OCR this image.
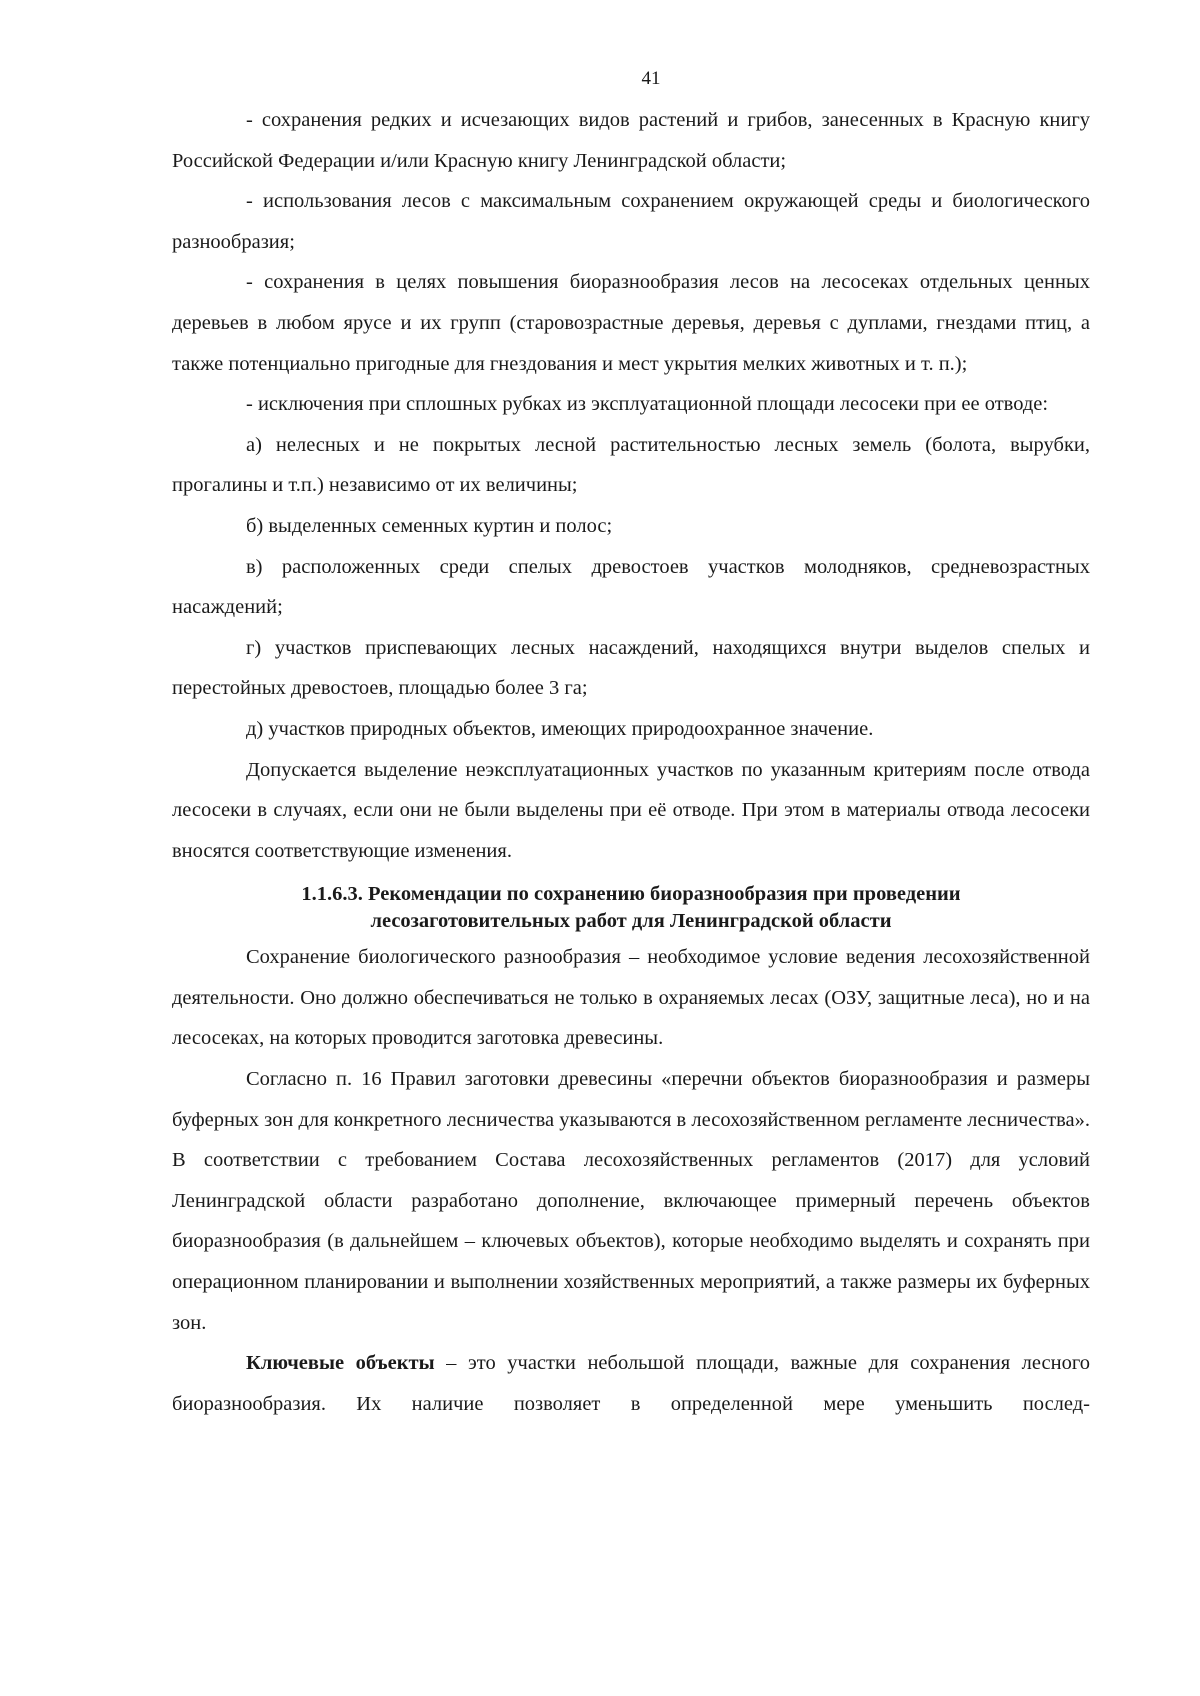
41

- сохранения редких и исчезающих видов растений и грибов, занесенных в Красную книгу Российской Федерации и/или Красную книгу Ленинградской области;

- использования лесов с максимальным сохранением окружающей среды и биологического разнообразия;

- сохранения в целях повышения биоразнообразия лесов на лесосеках отдельных ценных деревьев в любом ярусе и их групп (старовозрастные деревья, деревья с дуплами, гнездами птиц, а также потенциально пригодные для гнездования и мест укрытия мелких животных и т. п.);

- исключения при сплошных рубках из эксплуатационной площади лесосеки при ее отводе:

а) нелесных и не покрытых лесной растительностью лесных земель (болота, вырубки, прогалины и т.п.) независимо от их величины;

б) выделенных семенных куртин и полос;

в) расположенных среди спелых древостоев участков молодняков, средневозрастных насаждений;

г) участков приспевающих лесных насаждений, находящихся внутри выделов спелых и перестойных древостоев, площадью более 3 га;

д) участков природных объектов, имеющих природоохранное значение.

Допускается выделение неэксплуатационных участков по указанным критериям после отвода лесосеки в случаях, если они не были выделены при её отводе. При этом в материалы отвода лесосеки вносятся соответствующие изменения.

1.1.6.3. Рекомендации по сохранению биоразнообразия при проведении
лесозаготовительных работ для Ленинградской области

Сохранение биологического разнообразия – необходимое условие ведения лесохозяйственной деятельности. Оно должно обеспечиваться не только в охраняемых лесах (ОЗУ, защитные леса), но и на лесосеках, на которых проводится заготовка древесины.

Согласно п. 16 Правил заготовки древесины «перечни объектов биоразнообразия и размеры буферных зон для конкретного лесничества указываются в лесохозяйственном регламенте лесничества». В соответствии с требованием Состава лесохозяйственных регламентов (2017) для условий Ленинградской области разработано дополнение, включающее примерный перечень объектов биоразнообразия (в дальнейшем – ключевых объектов), которые необходимо выделять и сохранять при операционном планировании и выполнении хозяйственных мероприятий, а также размеры их буферных зон.

Ключевые объекты – это участки небольшой площади, важные для сохранения лесного биоразнообразия. Их наличие позволяет в определенной мере уменьшить послед-
